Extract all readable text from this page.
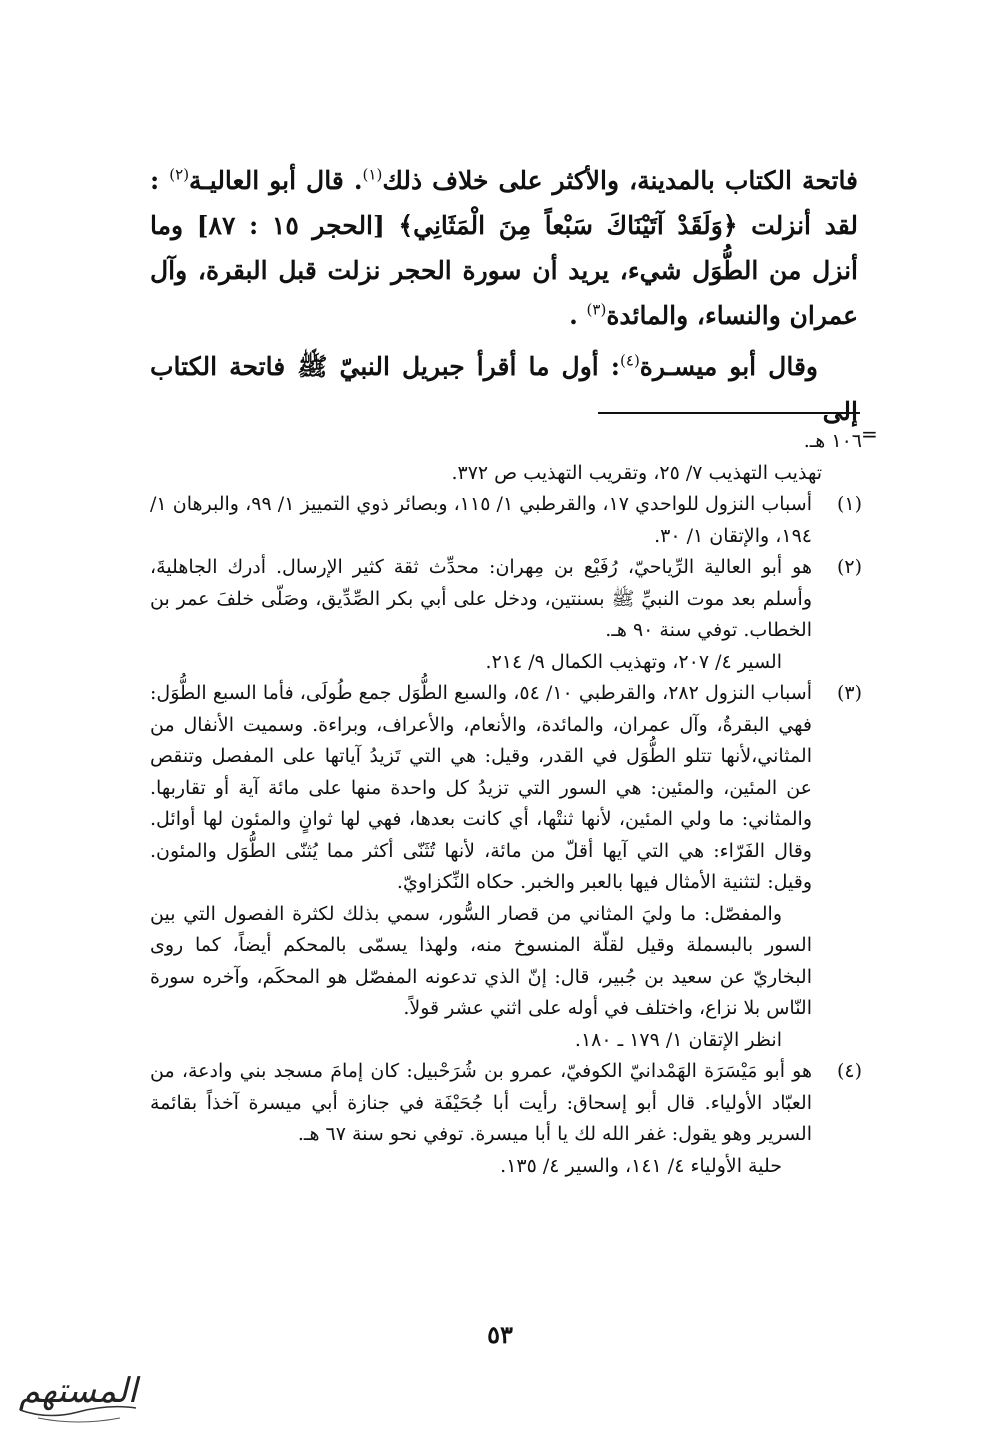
فاتحة الكتاب بالمدينة، والأكثر على خلاف ذلك$^{(١)}$. قال أبو العاليـة$^{(٢)}$ : لقد أنزلت ﴿وَلَقَدْ آتَيْنَاكَ سَبْعاً مِنَ الْمَثَانِي﴾ [الحجر ١٥ : ٨٧] وما أنزل من الطُّوَل شيء، يريد أن سورة الحجر نزلت قبل البقرة، وآل عمران والنساء، والمائدة$^{(٣)}$ .

وقال أبو ميسـرة$^{(٤)}$: أول ما أقرأ جبريل النبيّ ﷺ فاتحة الكتاب إلى

=

١٠٦ هـ.

تهذيب التهذيب ٧/ ٢٥، وتقريب التهذيب ص ٣٧٢.

(١)
أسباب النزول للواحدي ١٧، والقرطبي ١/ ١١٥، وبصائر ذوي التمييز ١/ ٩٩، والبرهان ١/ ١٩٤، والإتقان ١/ ٣٠.
(٢)
هو أبو العالية الرِّياحيّ، رُفَيْع بن مِهران: محدِّث ثقة كثير الإرسال. أدرك الجاهليةَ، وأسلم بعد موت النبيِّ ﷺ بسنتين، ودخل على أبي بكر الصِّدِّيق، وصَلّى خلفَ عمر بن الخطاب. توفي سنة ٩٠ هـ.
السير ٤/ ٢٠٧، وتهذيب الكمال ٩/ ٢١٤.
(٣)
أسباب النزول ٢٨٢، والقرطبي ١٠/ ٥٤، والسبع الطُّوَل جمع طُولَى، فأما السبع الطُّوَل: فهي البقرةُ، وآل عمران، والمائدة، والأنعام، والأعراف، وبراءة. وسميت الأنفال من المثاني،لأنها تتلو الطُّوَل في القدر، وقيل: هي التي تَزيدُ آياتها على المفصل وتنقص عن المئين، والمئين: هي السور التي تزيدُ كل واحدة منها على مائة آية أو تقاربها. والمثاني: ما ولي المئين، لأنها ثنتْها، أي كانت بعدها، فهي لها ثوانٍ والمئون لها أوائل. وقال الفَرّاء: هي التي آيها أقلّ من مائة، لأنها تُثَنّى أكثر مما يُثنّى الطُّوَل والمئون. وقيل: لتثنية الأمثال فيها بالعبر والخبر. حكاه النِّكزاويّ.
والمفصّل: ما وليَ المثاني من قصار السُّور، سمي بذلك لكثرة الفصول التي بين السور بالبسملة وقيل لقلّة المنسوخ منه، ولهذا يسمّى بالمحكم أيضاً، كما روى البخاريّ عن سعيد بن جُبير، قال: إنّ الذي تدعونه المفصّل هو المحكَم، وآخره سورة النّاس بلا نزاع، واختلف في أوله على اثني عشر قولاً.
انظر الإتقان ١/ ١٧٩ ـ ١٨٠.
(٤)
هو أبو مَيْسَرَة الهَمْدانيّ الكوفيّ، عمرو بن شُرَحْبيل: كان إمامَ مسجد بني وادعة، من العبّاد الأولياء. قال أبو إسحاق: رأيت أبا جُحَيْفَة في جنازة أبي ميسرة آخذاً بقائمة السرير وهو يقول: غفر الله لك يا أبا ميسرة. توفي نحو سنة ٦٧ هـ.
حلية الأولياء ٤/ ١٤١، والسير ٤/ ١٣٥.
٥٣
المستهم
